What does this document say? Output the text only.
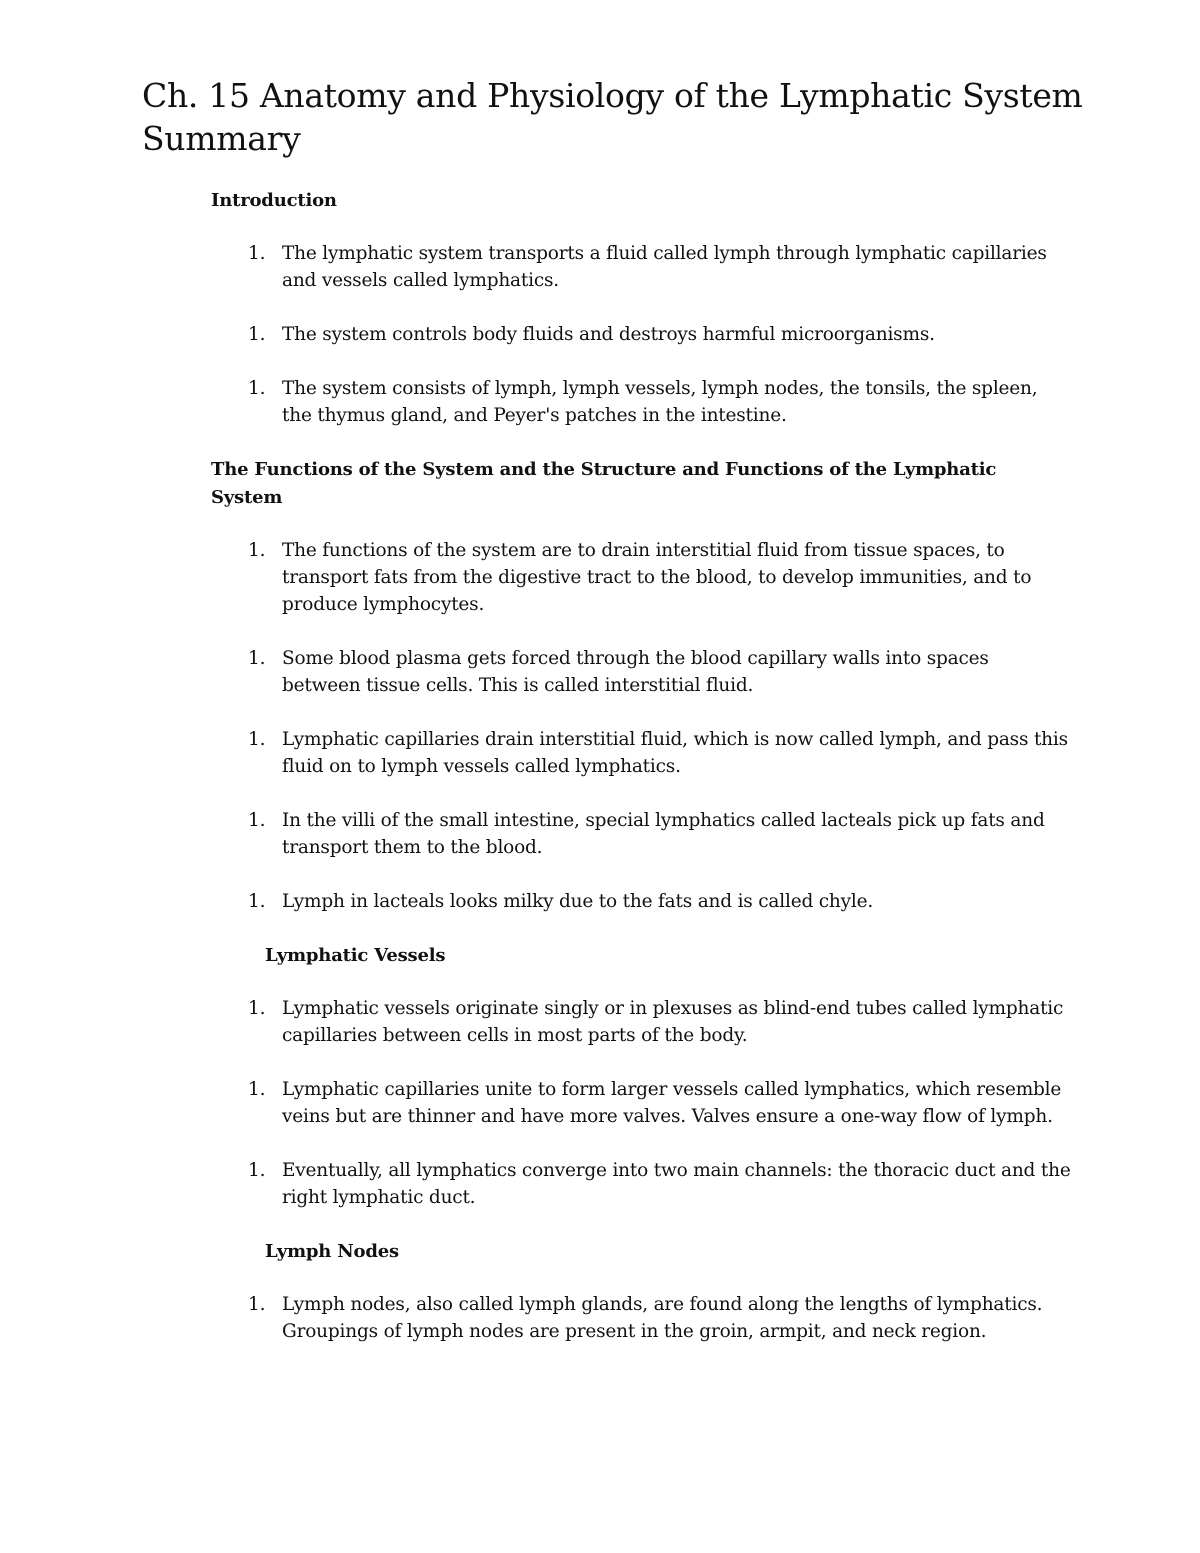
Ch. 15 Anatomy and Physiology of the Lymphatic System Summary
Introduction
1. The lymphatic system transports a fluid called lymph through lymphatic capillaries and vessels called lymphatics.
1. The system controls body fluids and destroys harmful microorganisms.
1. The system consists of lymph, lymph vessels, lymph nodes, the tonsils, the spleen, the thymus gland, and Peyer's patches in the intestine.
The Functions of the System and the Structure and Functions of the Lymphatic System
1. The functions of the system are to drain interstitial fluid from tissue spaces, to transport fats from the digestive tract to the blood, to develop immunities, and to produce lymphocytes.
1. Some blood plasma gets forced through the blood capillary walls into spaces between tissue cells. This is called interstitial fluid.
1. Lymphatic capillaries drain interstitial fluid, which is now called lymph, and pass this fluid on to lymph vessels called lymphatics.
1. In the villi of the small intestine, special lymphatics called lacteals pick up fats and transport them to the blood.
1. Lymph in lacteals looks milky due to the fats and is called chyle.
Lymphatic Vessels
1. Lymphatic vessels originate singly or in plexuses as blind-end tubes called lymphatic capillaries between cells in most parts of the body.
1. Lymphatic capillaries unite to form larger vessels called lymphatics, which resemble veins but are thinner and have more valves. Valves ensure a one-way flow of lymph.
1. Eventually, all lymphatics converge into two main channels: the thoracic duct and the right lymphatic duct.
Lymph Nodes
1. Lymph nodes, also called lymph glands, are found along the lengths of lymphatics. Groupings of lymph nodes are present in the groin, armpit, and neck region.
